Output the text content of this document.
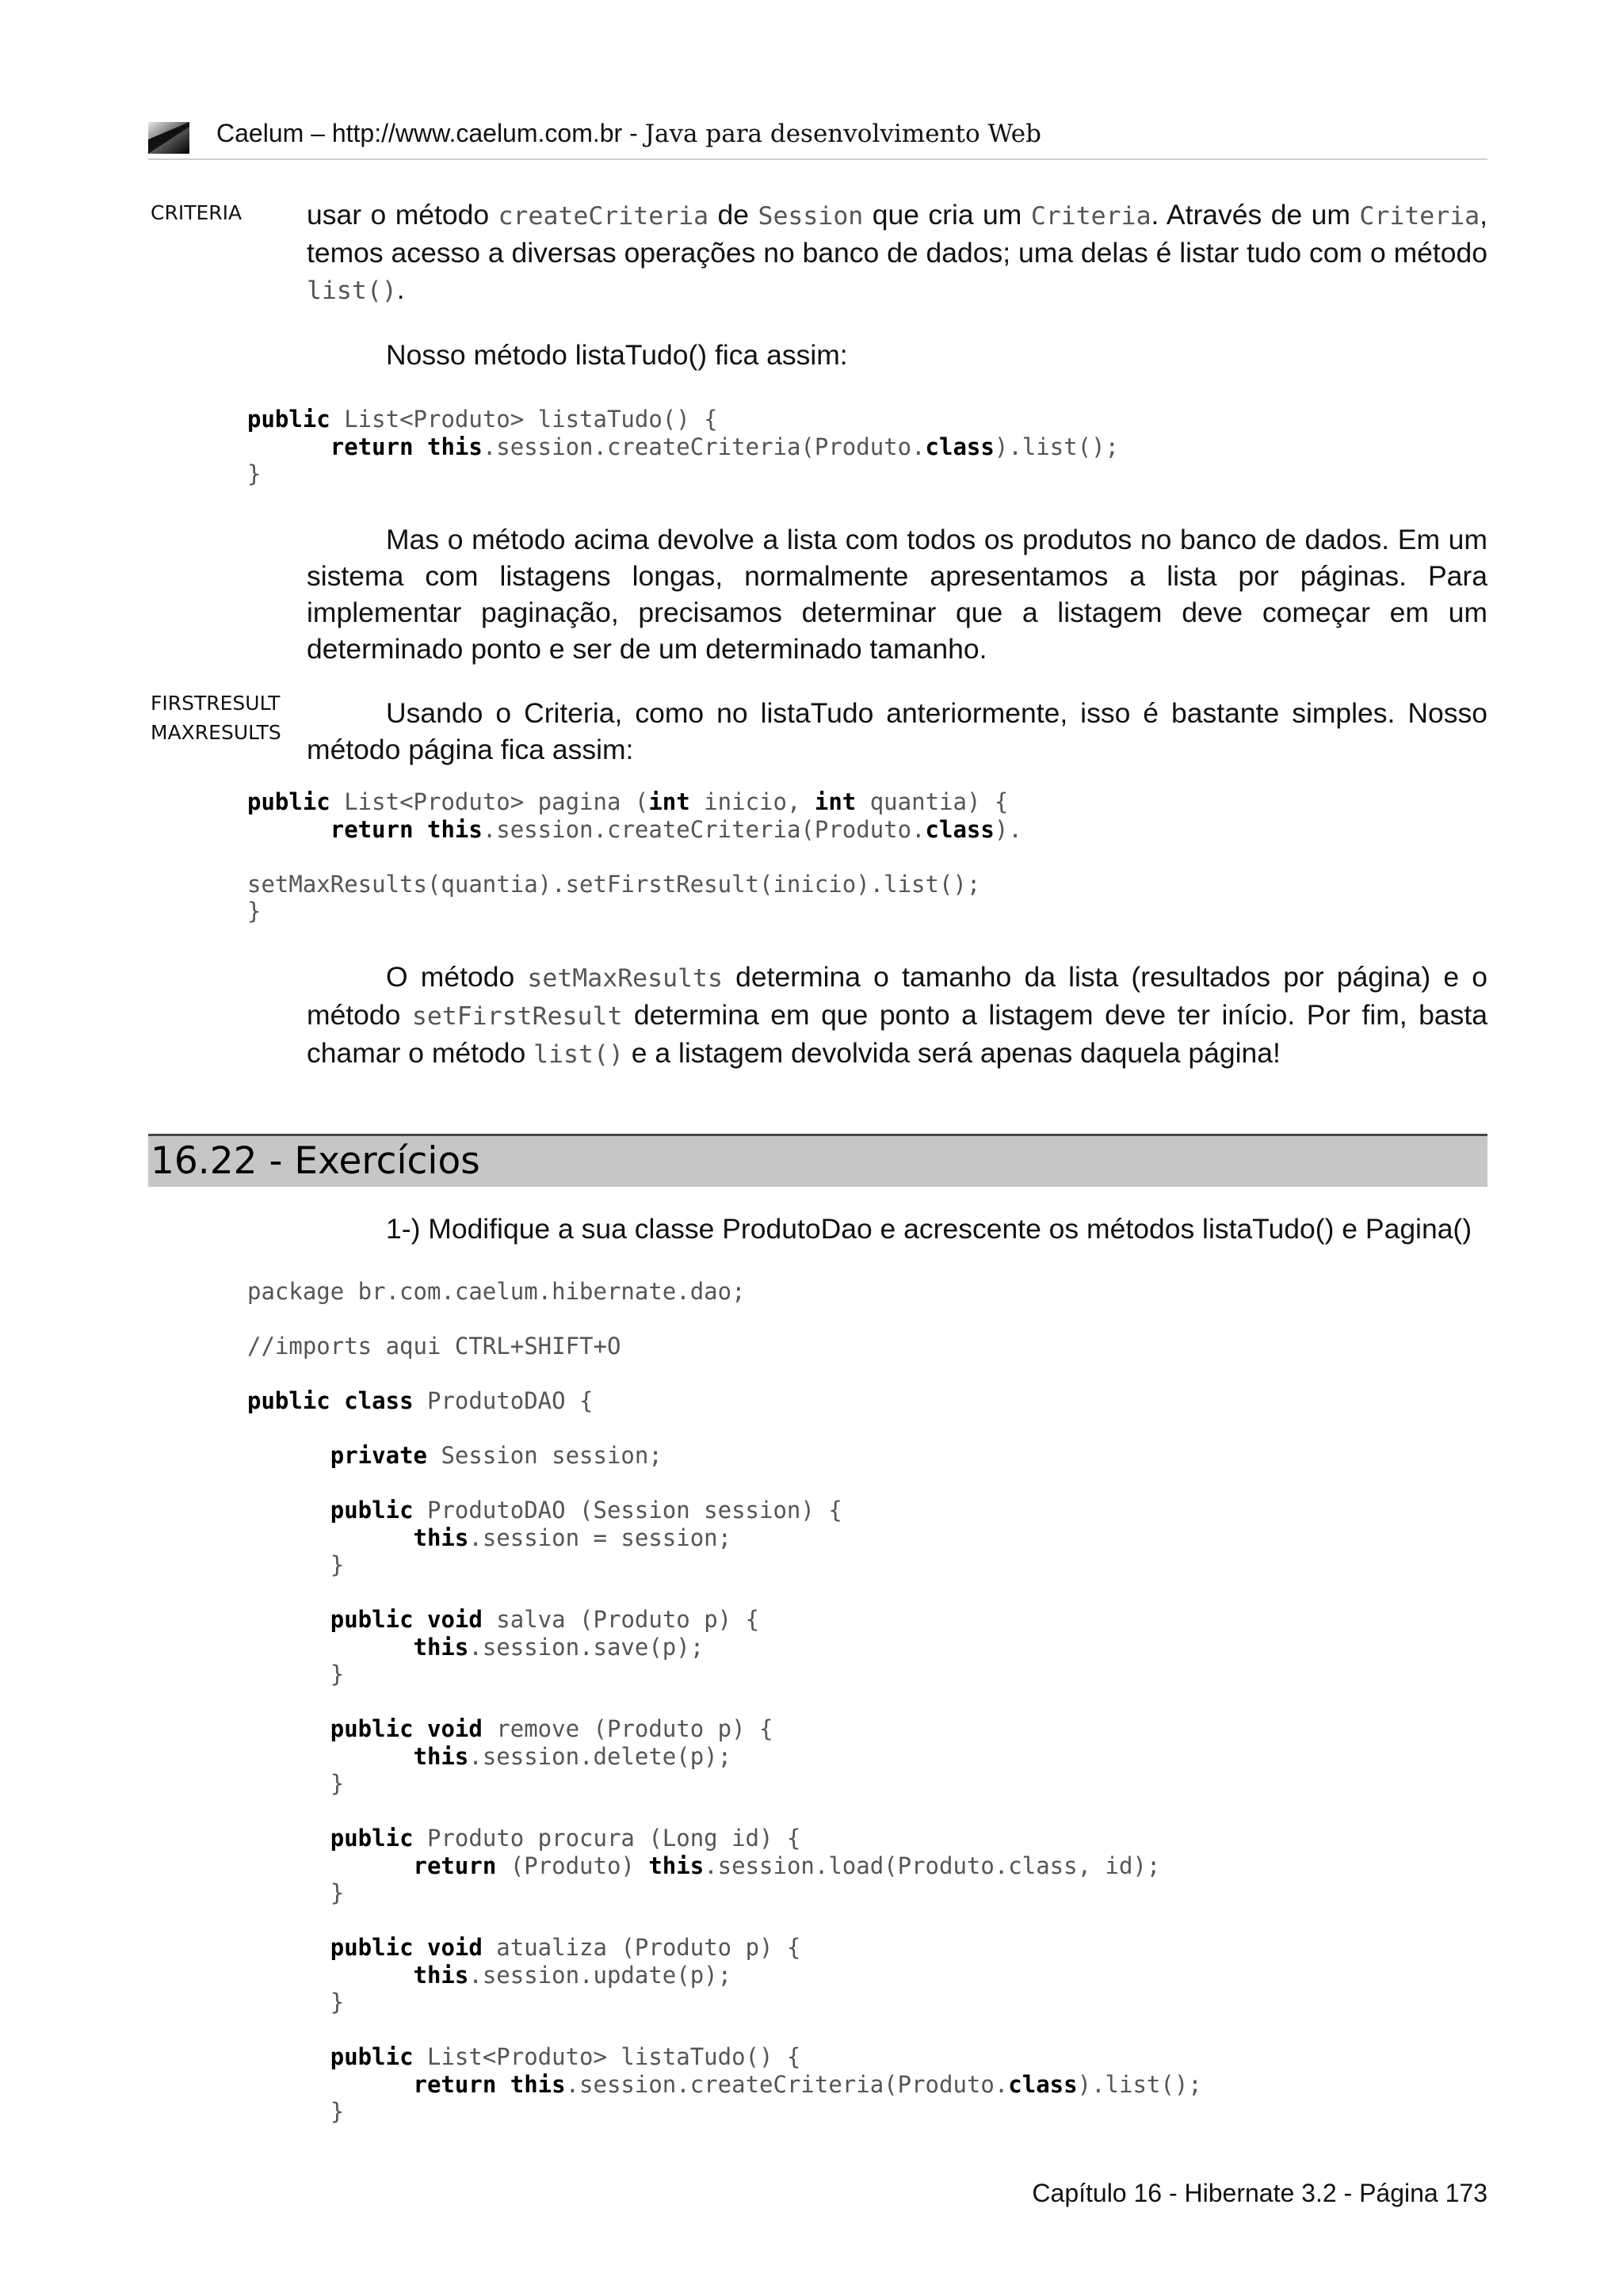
Caelum – http://www.caelum.com.br - Java para desenvolvimento Web
CRITERIA
FIRSTRESULT
MAXRESULTS
usar o método createCriteria de Session que cria um Criteria. Através de um Criteria, temos acesso a diversas operações no banco de dados; uma delas é listar tudo com o método list().
Nosso método listaTudo() fica assim:
public List<Produto> listaTudo() {
return this.session.createCriteria(Produto.class).list();
}
Mas o método acima devolve a lista com todos os produtos no banco de dados. Em um sistema com listagens longas, normalmente apresentamos a lista por páginas. Para implementar paginação, precisamos determinar que a listagem deve começar em um determinado ponto e ser de um determinado tamanho.
Usando o Criteria, como no listaTudo anteriormente, isso é bastante simples. Nosso método página fica assim:
public List<Produto> pagina (int inicio, int quantia) {
return this.session.createCriteria(Produto.class).

setMaxResults(quantia).setFirstResult(inicio).list();
}
O método setMaxResults determina o tamanho da lista (resultados por página) e o método setFirstResult determina em que ponto a listagem deve ter início. Por fim, basta chamar o método list() e a listagem devolvida será apenas daquela página!
16.22 - Exercícios
1-) Modifique a sua classe ProdutoDao e acrescente os métodos listaTudo() e Pagina()
package br.com.caelum.hibernate.dao;

//imports aqui CTRL+SHIFT+O

public class ProdutoDAO {

private Session session;

public ProdutoDAO (Session session) {
this.session = session;
}

public void salva (Produto p) {
this.session.save(p);
}

public void remove (Produto p) {
this.session.delete(p);
}

public Produto procura (Long id) {
return (Produto) this.session.load(Produto.class, id);
}

public void atualiza (Produto p) {
this.session.update(p);
}

public List<Produto> listaTudo() {
return this.session.createCriteria(Produto.class).list();
}
Capítulo 16 - Hibernate 3.2 - Página 173
